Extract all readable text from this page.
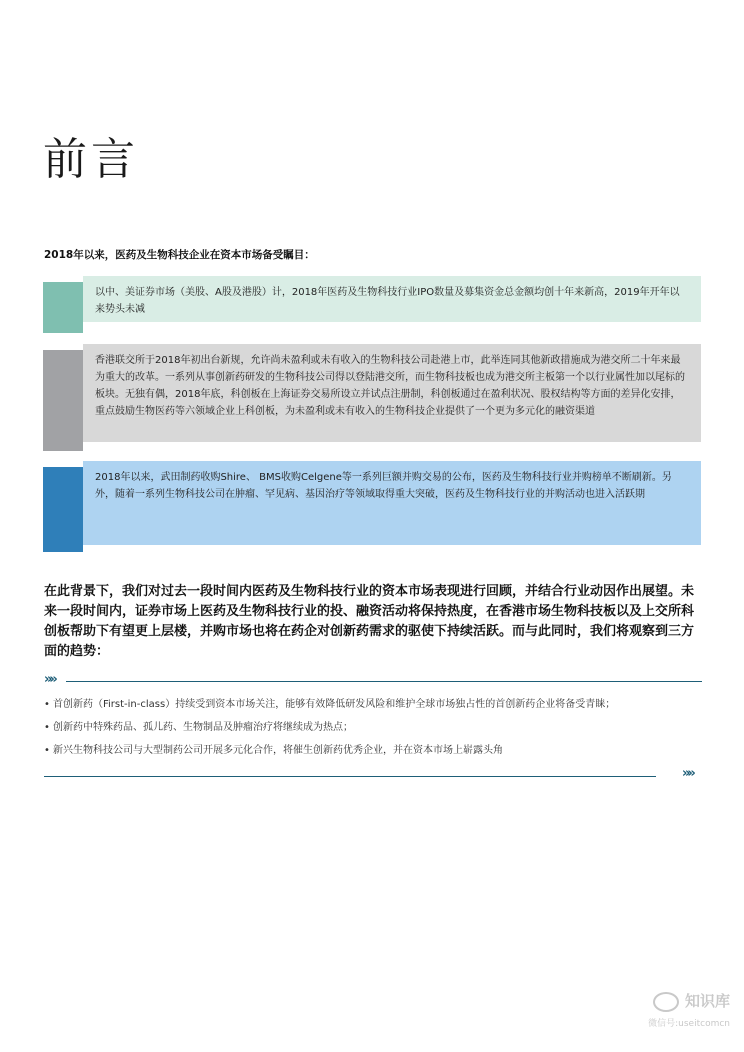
前言
2018年以来，医药及生物科技企业在资本市场备受瞩目：
以中、美证券市场（美股、A股及港股）计，2018年医药及生物科技行业IPO数量及募集资金总金额均创十年来新高，2019年开年以来势头未减
香港联交所于2018年初出台新规，允许尚未盈利或未有收入的生物科技公司赴港上市，此举连同其他新政措施成为港交所二十年来最为重大的改革。一系列从事创新药研发的生物科技公司得以登陆港交所，而生物科技板也成为港交所主板第一个以行业属性加以尾标的板块。无独有偶，2018年底，科创板在上海证券交易所设立并试点注册制，科创板通过在盈利状况、股权结构等方面的差异化安排，重点鼓励生物医药等六领域企业上科创板，为未盈利或未有收入的生物科技企业提供了一个更为多元化的融资渠道
2018年以来，武田制药收购Shire、 BMS收购Celgene等一系列巨额并购交易的公布，医药及生物科技行业并购榜单不断刷新。另外，随着一系列生物科技公司在肿瘤、罕见病、基因治疗等领域取得重大突破，医药及生物科技行业的并购活动也进入活跃期
在此背景下，我们对过去一段时间内医药及生物科技行业的资本市场表现进行回顾，并结合行业动因作出展望。未来一段时间内，证券市场上医药及生物科技行业的投、融资活动将保持热度，在香港市场生物科技板以及上交所科创板帮助下有望更上层楼，并购市场也将在药企对创新药需求的驱使下持续活跃。而与此同时，我们将观察到三方面的趋势：
»»
• 首创新药（First-in-class）持续受到资本市场关注，能够有效降低研发风险和维护全球市场独占性的首创新药企业将备受青睐；
• 创新药中特殊药品、孤儿药、生物制品及肿瘤治疗将继续成为热点；
• 新兴生物科技公司与大型制药公司开展多元化合作，将催生创新药优秀企业，并在资本市场上崭露头角
»»
知识库
微信号:useitcomcn
